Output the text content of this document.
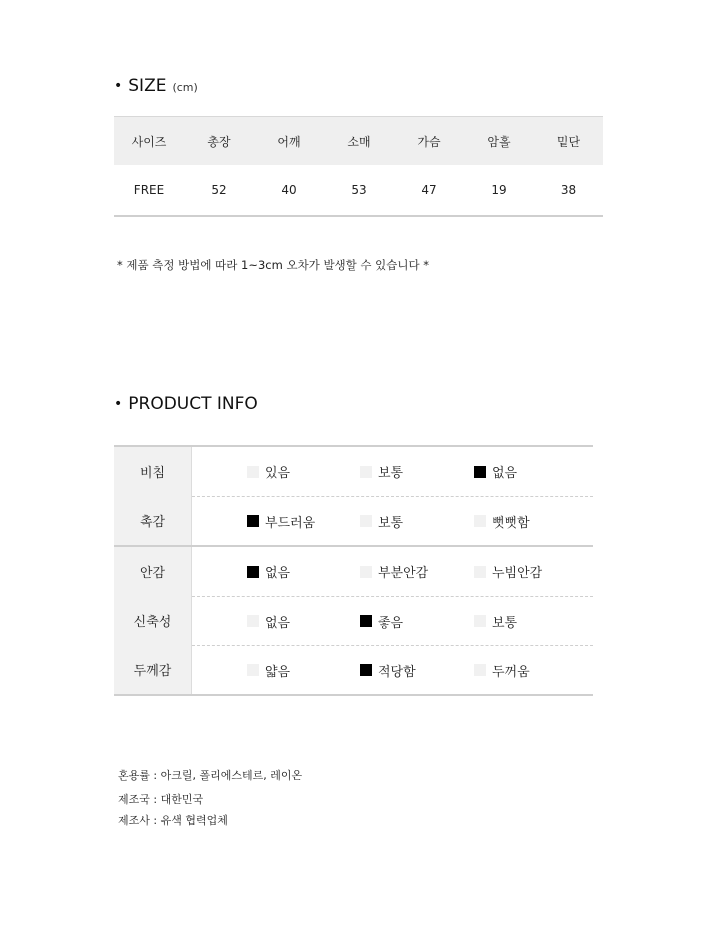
• SIZE (cm)
사이즈	총장	어깨	소매	가슴	암홀	밑단
FREE	52	40	53	47	19	38
* 제품 측정 방법에 따라 1~3cm 오차가 발생할 수 있습니다 *
• PRODUCT INFO
비침	있음	보통	없음
촉감	부드러움	보통	뻣뻣함
안감	없음	부분안감	누빔안감
신축성	없음	좋음	보통
두께감	얇음	적당함	두꺼움
혼용률 : 아크릴, 폴리에스테르, 레이온
제조국 : 대한민국
제조사 : 유색 협력업체
